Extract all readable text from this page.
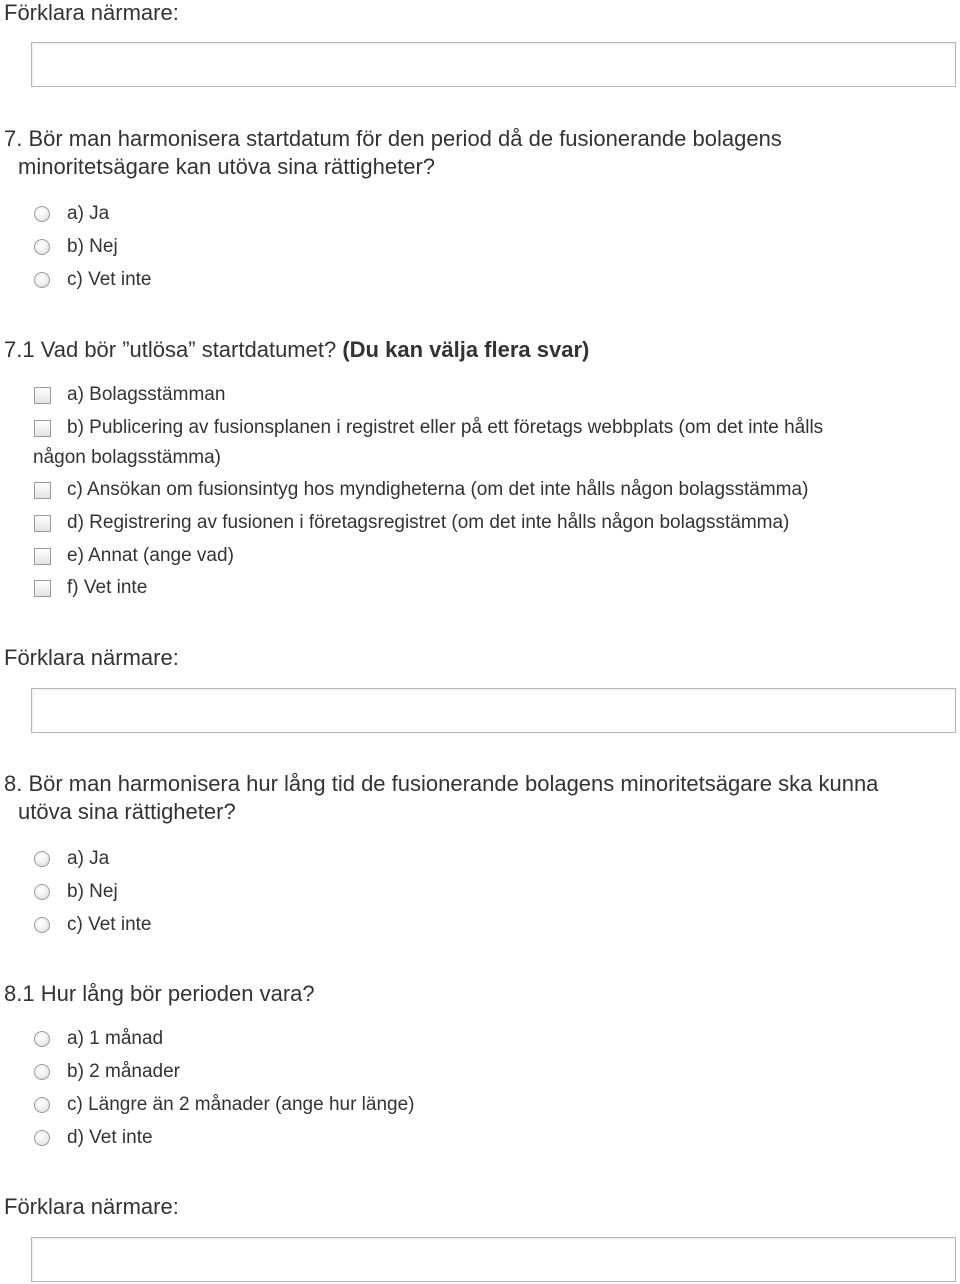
Förklara närmare:
7. Bör man harmonisera startdatum för den period då de fusionerande bolagens
minoritetsägare kan utöva sina rättigheter?
a) Ja
b) Nej
c) Vet inte
7.1 Vad bör ”utlösa” startdatumet? (Du kan välja flera svar)
a) Bolagsstämman
b) Publicering av fusionsplanen i registret eller på ett företags webbplats (om det inte hålls
någon bolagsstämma)
c) Ansökan om fusionsintyg hos myndigheterna (om det inte hålls någon bolagsstämma)
d) Registrering av fusionen i företagsregistret (om det inte hålls någon bolagsstämma)
e) Annat (ange vad)
f) Vet inte
Förklara närmare:
8. Bör man harmonisera hur lång tid de fusionerande bolagens minoritetsägare ska kunna
utöva sina rättigheter?
a) Ja
b) Nej
c) Vet inte
8.1 Hur lång bör perioden vara?
a) 1 månad
b) 2 månader
c) Längre än 2 månader (ange hur länge)
d) Vet inte
Förklara närmare:
